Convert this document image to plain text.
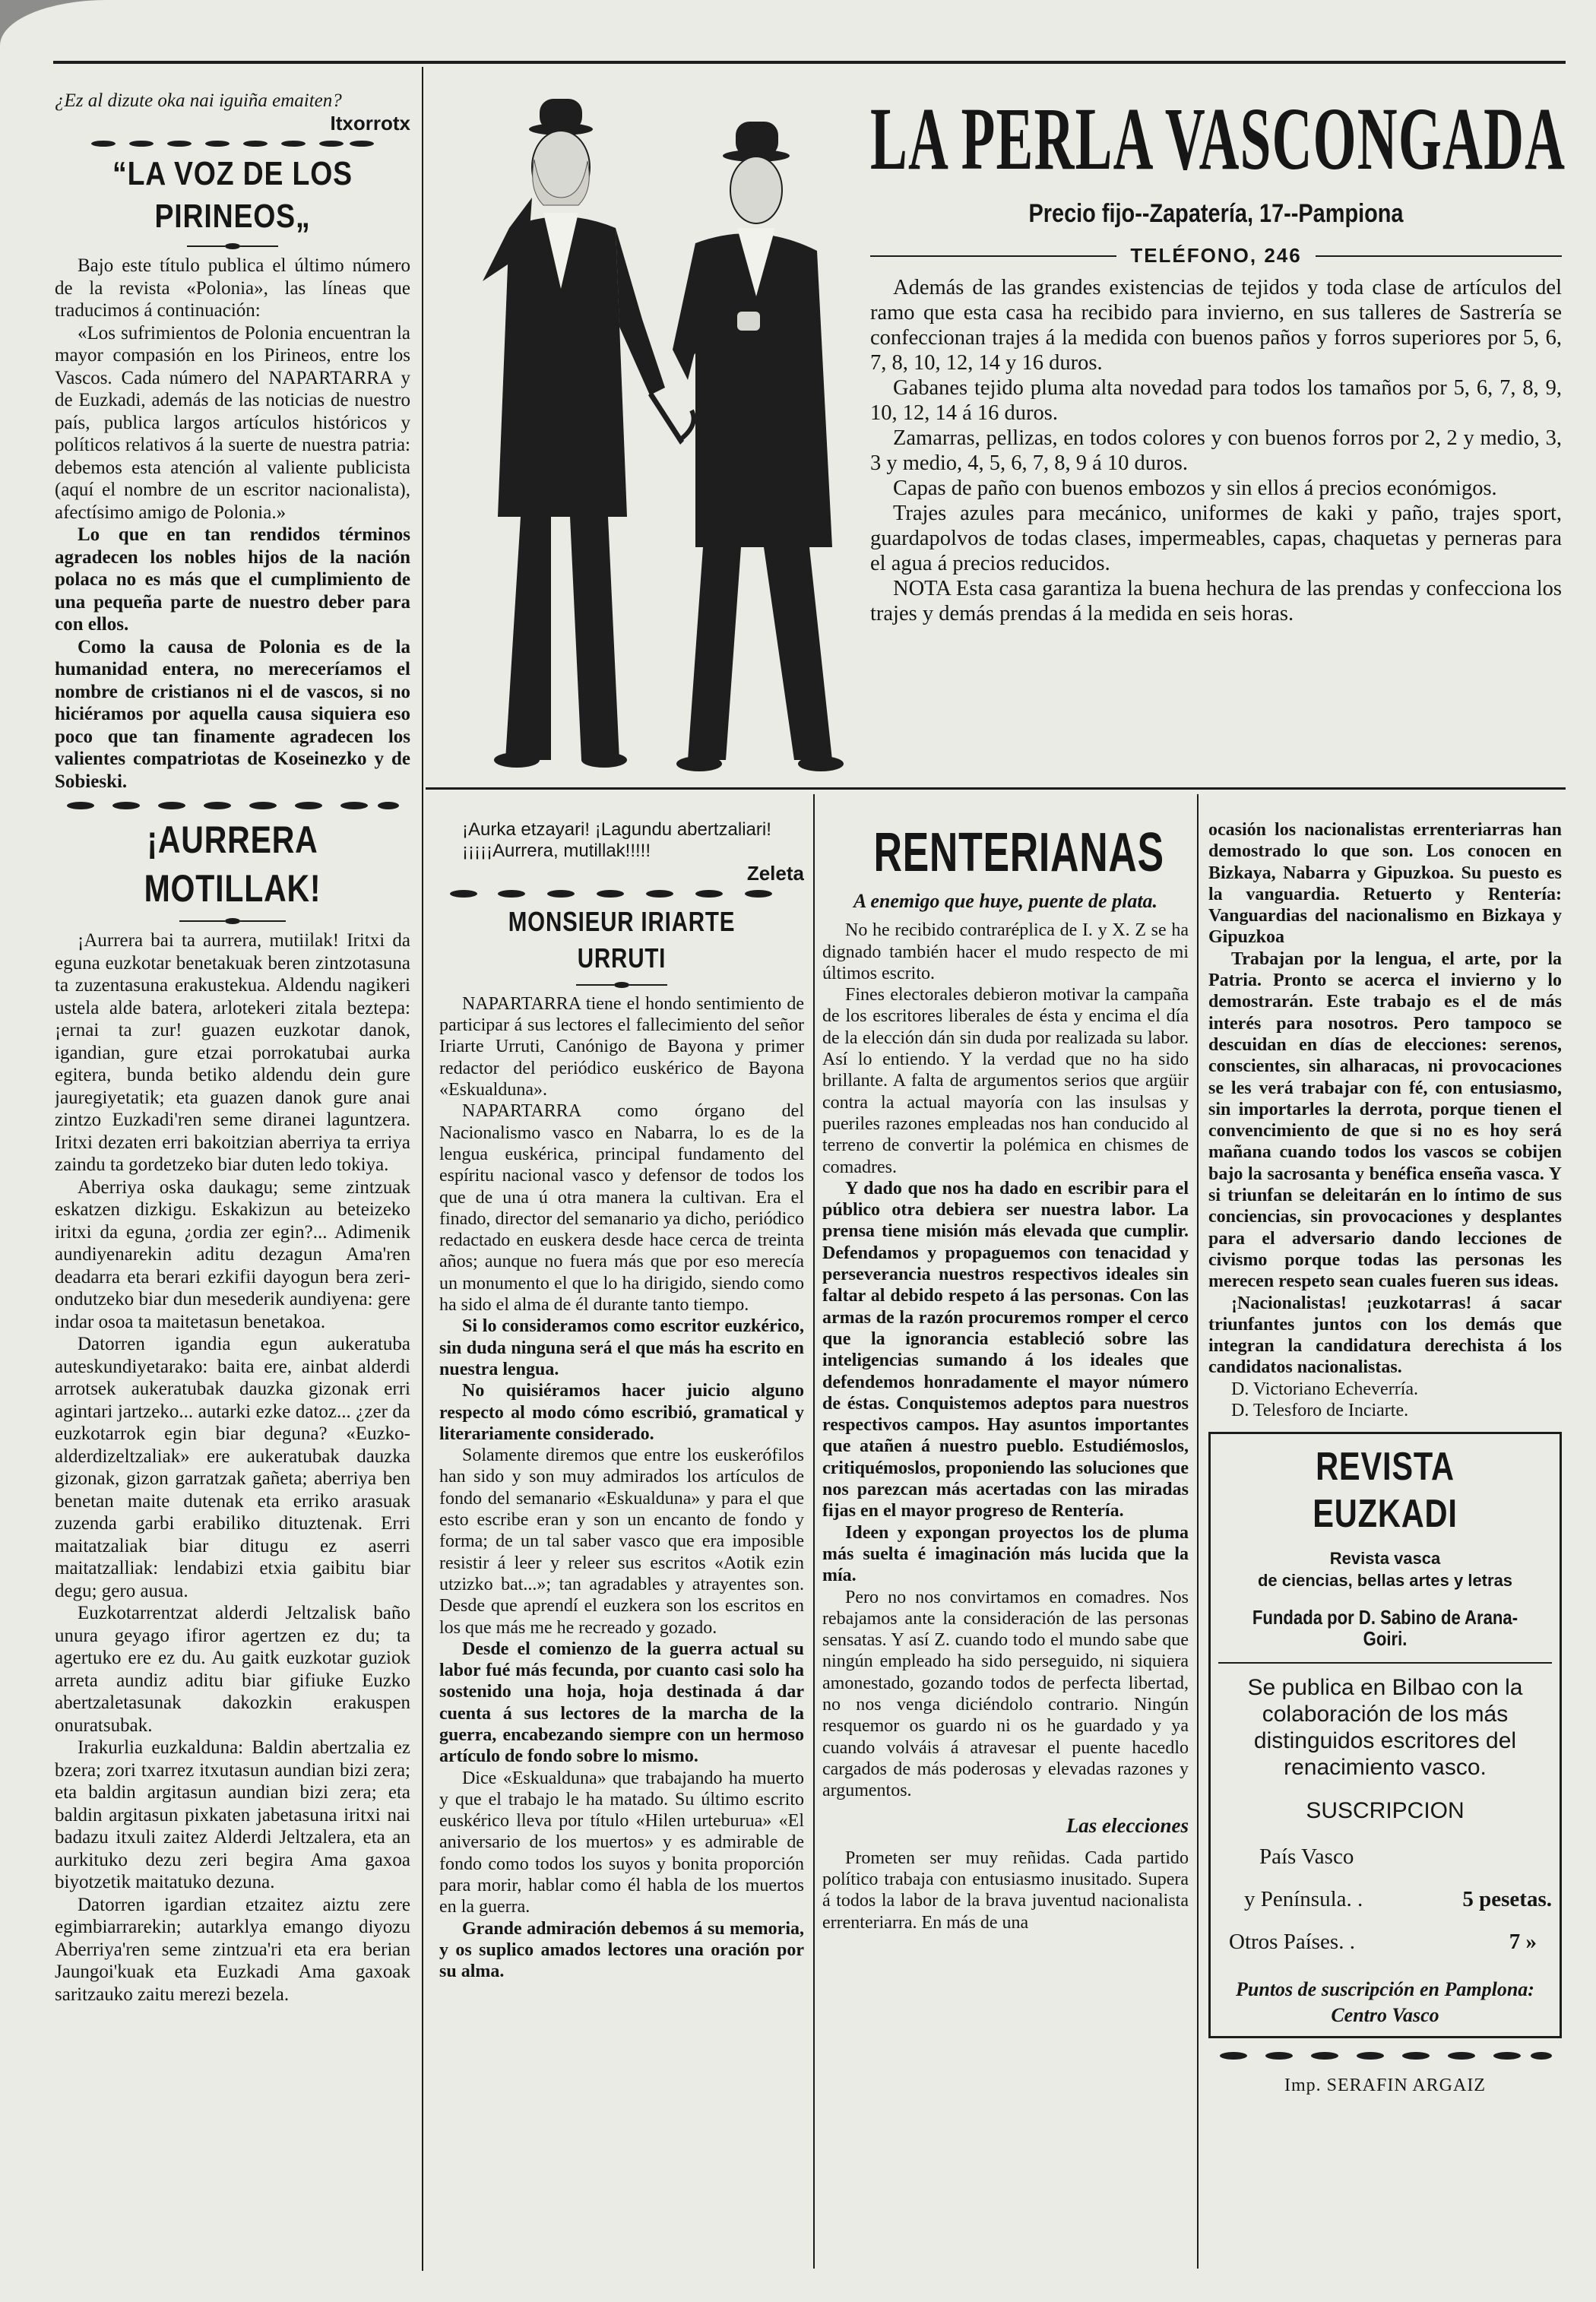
¿Ez al dizute oka nai iguiña emaiten?

Itxorrotx
“LA VOZ DE LOS PIRINEOS„

Bajo este título publica el último número de la revista «Polonia», las líneas que traducimos á continuación:

«Los sufrimientos de Polonia encuentran la mayor compasión en los Pirineos, entre los Vascos. Cada número del NAPARTARRA y de Euzkadi, además de las noticias de nuestro país, publica largos artículos históricos y políticos relativos á la suerte de nuestra patria: debemos esta atención al valiente publicista (aquí el nombre de un escritor nacionalista), afectísimo amigo de Polonia.»

Lo que en tan rendidos términos agradecen los nobles hijos de la nación polaca no es más que el cumplimiento de una pequeña parte de nuestro deber para con ellos.

Como la causa de Polonia es de la humanidad entera, no mereceríamos el nombre de cristianos ni el de vascos, si no hiciéramos por aquella causa siquiera eso poco que tan finamente agradecen los valientes compatriotas de Koseinezko y de Sobieski.

¡AURRERA MOTILLAK!

¡Aurrera bai ta aurrera, mutiilak! Iritxi da eguna euzkotar benetakuak beren zintzotasuna ta zuzentasuna erakustekua. Aldendu nagikeri ustela alde batera, arlotekeri zitala beztepa: ¡ernai ta zur! guazen euzkotar danok, igandian, gure etzai porrokatubai aurka egitera, bunda betiko aldendu dein gure jauregiyetatik; eta guazen danok gure anai zintzo Euzkadi'ren seme diranei laguntzera. Iritxi dezaten erri bakoitzian aberriya ta erriya zaindu ta gordetzeko biar duten ledo tokiya.

Aberriya oska daukagu; seme zintzuak eskatzen dizkigu. Eskakizun au beteizeko iritxi da eguna, ¿ordia zer egin?... Adimenik aundiyenarekin aditu dezagun Ama'ren deadarra eta berari ezkifii dayogun bera zeri-ondutzeko biar dun mesederik aundiyena: gere indar osoa ta maitetasun benetakoa.

Datorren igandia egun aukeratuba auteskundiyetarako: baita ere, ainbat alderdi arrotsek aukeratubak dauzka gizonak erri agintari jartzeko... autarki ezke datoz... ¿zer da euzkotarrok egin biar deguna? «Euzko-alderdizeltzaliak» ere aukeratubak dauzka gizonak, gizon garratzak gañeta; aberriya ben benetan maite dutenak eta erriko arasuak zuzenda garbi erabiliko dituztenak. Erri maitatzaliak biar ditugu ez aserri maitatzalliak: lendabizi etxia gaibitu biar degu; gero ausua.

Euzkotarrentzat alderdi Jeltzalisk baño unura geyago ifiror agertzen ez du; ta agertuko ere ez du. Au gaitk euzkotar guziok arreta aundiz aditu biar gifiuke Euzko abertzaletasunak dakozkin erakuspen onuratsubak.

Irakurlia euzkalduna: Baldin abertzalia ez bzera; zori txarrez itxutasun aundian bizi zera; eta baldin argitasun aundian bizi zera; eta baldin argitasun pixkaten jabetasuna iritxi nai badazu itxuli zaitez Alderdi Jeltzalera, eta an aurkituko dezu zeri begira Ama gaxoa biyotzetik maitatuko dezuna.

Datorren igardian etzaitez aiztu zere egimbiarrarekin; autarklya emango diyozu Aberriya'ren seme zintzua'ri eta era berian Jaungoi'kuak eta Euzkadi Ama gaxoak saritzauko zaitu merezi bezela.

LA PERLA VASCONGADA
Precio fijo--Zapatería, 17--Pampiona
TELÉFONO, 246

Además de las grandes existencias de tejidos y toda clase de artículos del ramo que esta casa ha recibido para invierno, en sus talleres de Sastrería se confeccionan trajes á la medida con buenos paños y forros superiores por 5, 6, 7, 8, 10, 12, 14 y 16 duros.

Gabanes tejido pluma alta novedad para todos los tamaños por 5, 6, 7, 8, 9, 10, 12, 14 á 16 duros.

Zamarras, pellizas, en todos colores y con buenos forros por 2, 2 y medio, 3, 3 y medio, 4, 5, 6, 7, 8, 9 á 10 duros.

Capas de paño con buenos embozos y sin ellos á precios económigos.

Trajes azules para mecánico, uniformes de kaki y paño, trajes sport, guardapolvos de todas clases, impermeables, capas, chaquetas y perneras para el agua á precios reducidos.

NOTA Esta casa garantiza la buena hechura de las prendas y confecciona los trajes y demás prendas á la medida en seis horas.

¡Aurka etzayari! ¡Lagundu abertzaliari!

¡¡¡¡¡Aurrera, mutillak!!!!!

Zeleta
MONSIEUR IRIARTE URRUTI

NAPARTARRA tiene el hondo sentimiento de participar á sus lectores el fallecimiento del señor Iriarte Urruti, Canónigo de Bayona y primer redactor del periódico euskérico de Bayona «Eskualduna».

NAPARTARRA como órgano del Nacionalismo vasco en Nabarra, lo es de la lengua euskérica, principal fundamento del espíritu nacional vasco y defensor de todos los que de una ú otra manera la cultivan. Era el finado, director del semanario ya dicho, periódico redactado en euskera desde hace cerca de treinta años; aunque no fuera más que por eso merecía un monumento el que lo ha dirigido, siendo como ha sido el alma de él durante tanto tiempo.

Si lo consideramos como escritor euzkérico, sin duda ninguna será el que más ha escrito en nuestra lengua.

No quisiéramos hacer juicio alguno respecto al modo cómo escribió, gramatical y literariamente considerado.

Solamente diremos que entre los euskerófilos han sido y son muy admirados los artículos de fondo del semanario «Eskualduna» y para el que esto escribe eran y son un encanto de fondo y forma; de un tal saber vasco que era imposible resistir á leer y releer sus escritos «Aotik ezin utzizko bat...»; tan agradables y atrayentes son. Desde que aprendí el euzkera son los escritos en los que más me he recreado y gozado.

Desde el comienzo de la guerra actual su labor fué más fecunda, por cuanto casi solo ha sostenido una hoja, hoja destinada á dar cuenta á sus lectores de la marcha de la guerra, encabezando siempre con un hermoso artículo de fondo sobre lo mismo.

Dice «Eskualduna» que trabajando ha muerto y que el trabajo le ha matado. Su último escrito euskérico lleva por título «Hilen urteburua» «El aniversario de los muertos» y es admirable de fondo como todos los suyos y bonita proporción para morir, hablar como él habla de los muertos en la guerra.

Grande admiración debemos á su memoria, y os suplico amados lectores una oración por su alma.

RENTERIANAS
A enemigo que huye, puente de plata.

No he recibido contraréplica de I. y X. Z se ha dignado también hacer el mudo respecto de mi últimos escrito.

Fines electorales debieron motivar la campaña de los escritores liberales de ésta y encima el día de la elección dán sin duda por realizada su labor. Así lo entiendo. Y la verdad que no ha sido brillante. A falta de argumentos serios que argüir contra la actual mayoría con las insulsas y pueriles razones empleadas nos han conducido al terreno de convertir la polémica en chismes de comadres.

Y dado que nos ha dado en escribir para el público otra debiera ser nuestra labor. La prensa tiene misión más elevada que cumplir. Defendamos y propaguemos con tenacidad y perseverancia nuestros respectivos ideales sin faltar al debido respeto á las personas. Con las armas de la razón procuremos romper el cerco que la ignorancia estableció sobre las inteligencias sumando á los ideales que defendemos honradamente el mayor número de éstas. Conquistemos adeptos para nuestros respectivos campos. Hay asuntos importantes que atañen á nuestro pueblo. Estudiémoslos, critiquémoslos, proponiendo las soluciones que nos parezcan más acertadas con las miradas fijas en el mayor progreso de Rentería.

Ideen y expongan proyectos los de pluma más suelta é imaginación más lucida que la mía.

Pero no nos convirtamos en comadres. Nos rebajamos ante la consideración de las personas sensatas. Y así Z. cuando todo el mundo sabe que ningún empleado ha sido perseguido, ni siquiera amonestado, gozando todos de perfecta libertad, no nos venga diciéndolo contrario. Ningún resquemor os guardo ni os he guardado y ya cuando volváis á atravesar el puente hacedlo cargados de más poderosas y elevadas razones y argumentos.

Las elecciones

Prometen ser muy reñidas. Cada partido político trabaja con entusiasmo inusitado. Supera á todos la labor de la brava juventud nacionalista errenteriarra. En más de una

ocasión los nacionalistas errenteriarras han demostrado lo que son. Los conocen en Bizkaya, Nabarra y Gipuzkoa. Su puesto es la vanguardia. Retuerto y Rentería: Vanguardias del nacionalismo en Bizkaya y Gipuzkoa

Trabajan por la lengua, el arte, por la Patria. Pronto se acerca el invierno y lo demostrarán. Este trabajo es el de más interés para nosotros. Pero tampoco se descuidan en días de elecciones: serenos, conscientes, sin alharacas, ni provocaciones se les verá trabajar con fé, con entusiasmo, sin importarles la derrota, porque tienen el convencimiento de que si no es hoy será mañana cuando todos los vascos se cobijen bajo la sacrosanta y benéfica enseña vasca. Y si triunfan se deleitarán en lo íntimo de sus conciencias, sin provocaciones y desplantes para el adversario dando lecciones de civismo porque todas las personas les merecen respeto sean cuales fueren sus ideas.

¡Nacionalistas! ¡euzkotarras! á sacar triunfantes juntos con los demás que integran la candidatura derechista á los candidatos nacionalistas.

D. Victoriano Echeverría.

D. Telesforo de Inciarte.

REVISTA EUZKADI
Revista vasca
de ciencias, bellas artes y letras
Fundada por D. Sabino de Arana-Goiri.
Se publica en Bilbao con la colaboración de los más distinguidos escritores del renacimiento vasco.
SUSCRIPCION
País Vasco
y Península. .	5 pesetas.
Otros Países. .	7 »
Puntos de suscripción en Pamplona: Centro Vasco
Imp. SERAFIN ARGAIZ
